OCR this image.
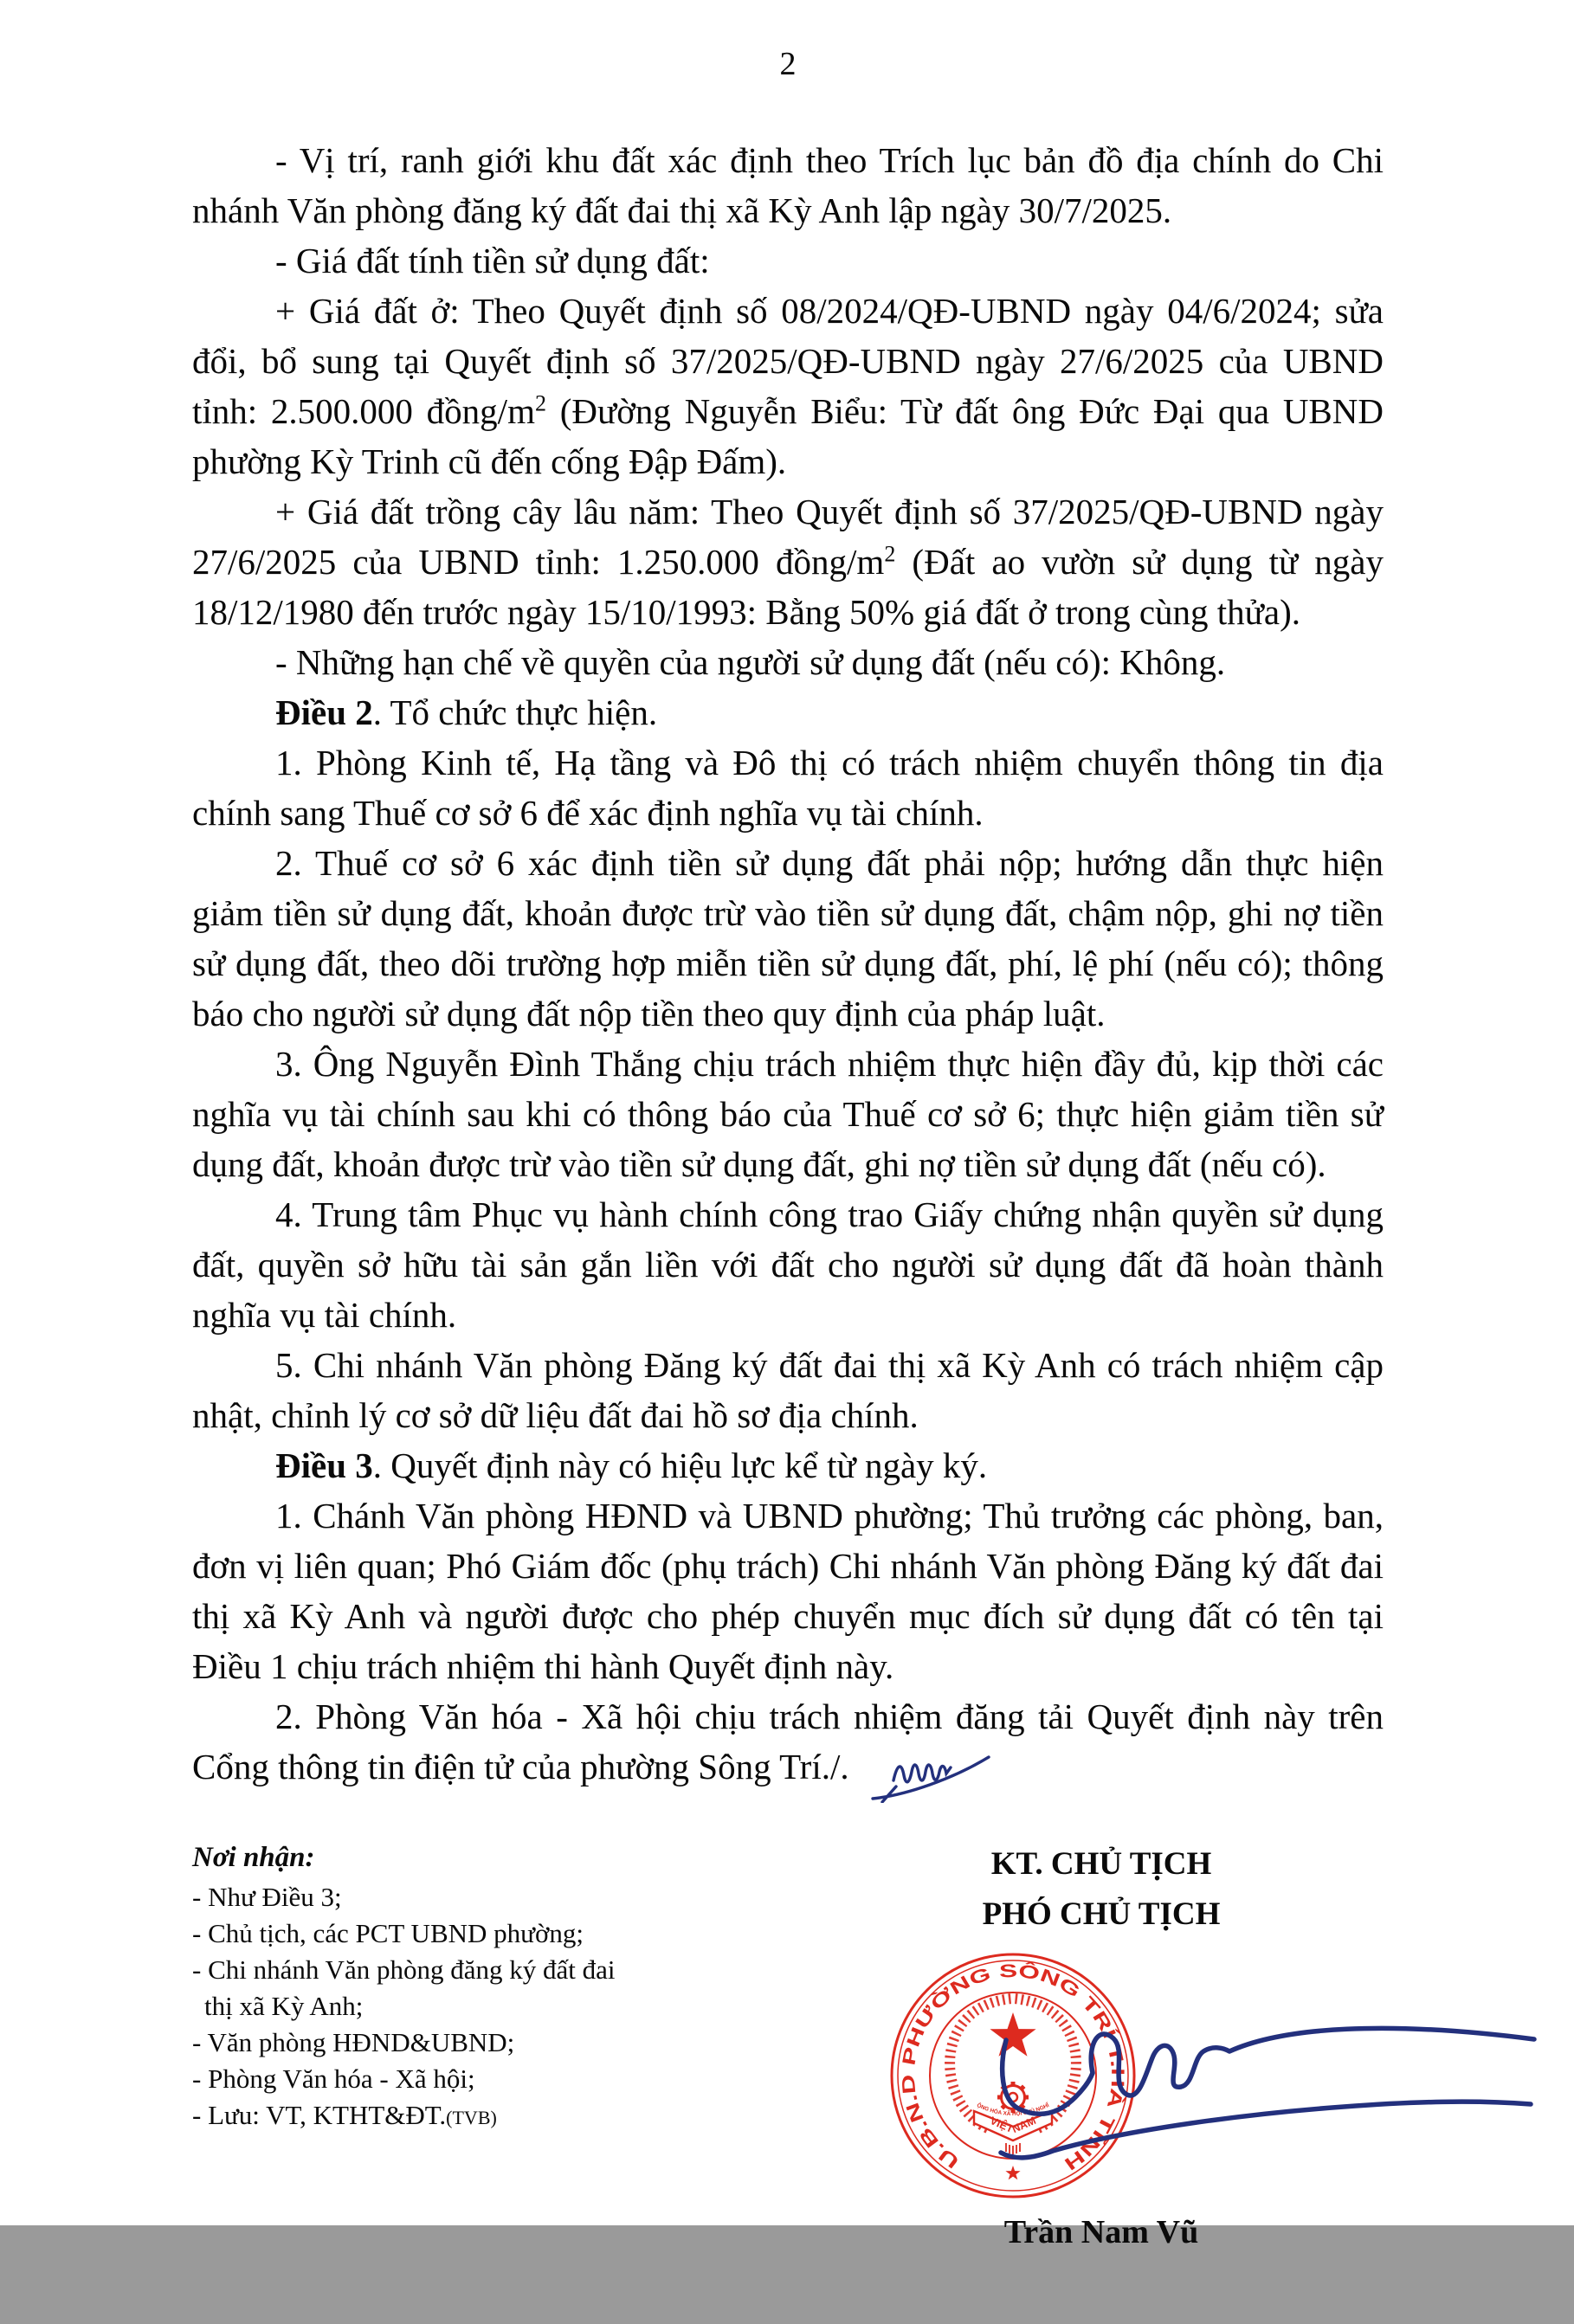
2

- Vị trí, ranh giới khu đất xác định theo Trích lục bản đồ địa chính do Chi nhánh Văn phòng đăng ký đất đai thị xã Kỳ Anh lập ngày 30/7/2025.

- Giá đất tính tiền sử dụng đất:

+ Giá đất ở: Theo Quyết định số 08/2024/QĐ-UBND ngày 04/6/2024; sửa đổi, bổ sung tại Quyết định số 37/2025/QĐ-UBND ngày 27/6/2025 của UBND tỉnh: 2.500.000 đồng/$m^2$ (Đường Nguyễn Biểu: Từ đất ông Đức Đại qua UBND phường Kỳ Trinh cũ đến cống Đập Đấm).

+ Giá đất trồng cây lâu năm: Theo Quyết định số 37/2025/QĐ-UBND ngày 27/6/2025 của UBND tỉnh: 1.250.000 đồng/$m^2$ (Đất ao vườn sử dụng từ ngày 18/12/1980 đến trước ngày 15/10/1993: Bằng 50% giá đất ở trong cùng thửa).

- Những hạn chế về quyền của người sử dụng đất (nếu có): Không.

Điều 2. Tổ chức thực hiện.

1. Phòng Kinh tế, Hạ tầng và Đô thị có trách nhiệm chuyển thông tin địa chính sang Thuế cơ sở 6 để xác định nghĩa vụ tài chính.

2. Thuế cơ sở 6 xác định tiền sử dụng đất phải nộp; hướng dẫn thực hiện giảm tiền sử dụng đất, khoản được trừ vào tiền sử dụng đất, chậm nộp, ghi nợ tiền sử dụng đất, theo dõi trường hợp miễn tiền sử dụng đất, phí, lệ phí (nếu có); thông báo cho người sử dụng đất nộp tiền theo quy định của pháp luật.

3. Ông Nguyễn Đình Thắng chịu trách nhiệm thực hiện đầy đủ, kịp thời các nghĩa vụ tài chính sau khi có thông báo của Thuế cơ sở 6; thực hiện giảm tiền sử dụng đất, khoản được trừ vào tiền sử dụng đất, ghi nợ tiền sử dụng đất (nếu có).

4. Trung tâm Phục vụ hành chính công trao Giấy chứng nhận quyền sử dụng đất, quyền sở hữu tài sản gắn liền với đất cho người sử dụng đất đã hoàn thành nghĩa vụ tài chính.

5. Chi nhánh Văn phòng Đăng ký đất đai thị xã Kỳ Anh có trách nhiệm cập nhật, chỉnh lý cơ sở dữ liệu đất đai hồ sơ địa chính.

Điều 3. Quyết định này có hiệu lực kể từ ngày ký.

1. Chánh Văn phòng HĐND và UBND phường; Thủ trưởng các phòng, ban, đơn vị liên quan; Phó Giám đốc (phụ trách) Chi nhánh Văn phòng Đăng ký đất đai thị xã Kỳ Anh và người được cho phép chuyển mục đích sử dụng đất có tên tại Điều 1 chịu trách nhiệm thi hành Quyết định này.

2. Phòng Văn hóa - Xã hội chịu trách nhiệm đăng tải Quyết định này trên Cổng thông tin điện tử của phường Sông Trí./.

Nơi nhận:
- Như Điều 3;
- Chủ tịch, các PCT UBND phường;
- Chi nhánh Văn phòng đăng ký đất đai
thị xã Kỳ Anh;
- Văn phòng HĐND&UBND;
- Phòng Văn hóa - Xã hội;
- Lưu: VT, KTHT&ĐT.(TVB)
KT. CHỦ TỊCH
PHÓ CHỦ TỊCH
U.B.N.D PHƯỜNG SÔNG TRÍ T.HÀ TĨNH
CỘNG HÒA XÃ HỘI CHỦ NGHĨA
VIỆT NAM
Trần Nam Vũ
